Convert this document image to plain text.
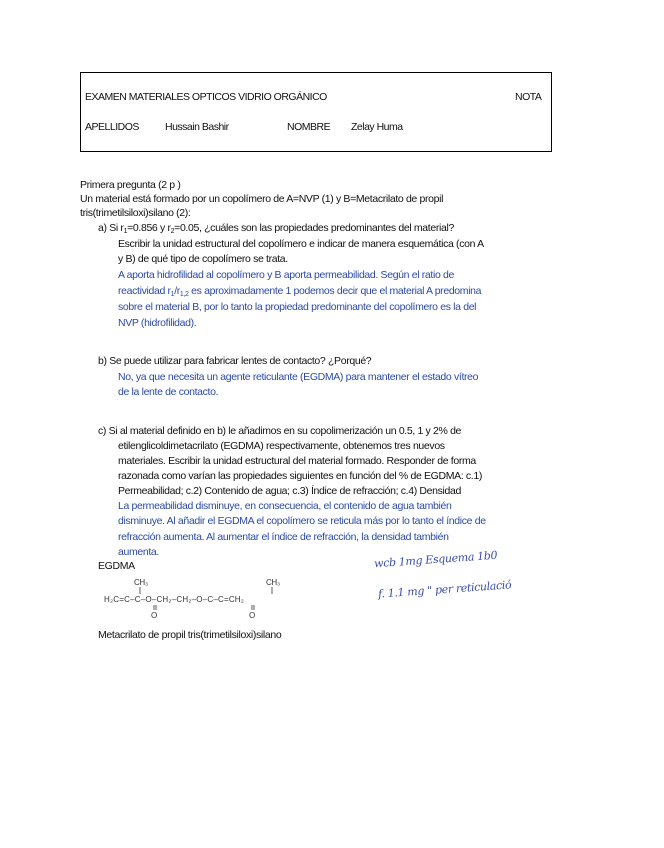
EXAMEN MATERIALES OPTICOS VIDRIO ORGÁNICO	NOTA
APELLIDOS Hussain Bashir	NOMBRE Zelay Huma
Primera pregunta (2 p )
Un material está formado por un copolímero de A=NVP (1) y B=Metacrilato de propil
tris(trimetilsiloxi)silano (2):
a) Si $r_1=0.856$ y $r_2=0.05$, ¿cuáles son las propiedades predominantes del material?
Escribir la unidad estructural del copolímero e indicar de manera esquemática (con A
y B) de qué tipo de copolímero se trata.
A aporta hidrofilidad al copolímero y B aporta permeabilidad. Según el ratio de
reactividad $r_1/r_{1,2}$ es aproximadamente 1 podemos decir que el material A predomina
sobre el material B, por lo tanto la propiedad predominante del copolímero es la del
NVP (hidrofilidad).
b) Se puede utilizar para fabricar lentes de contacto? ¿Porqué?
No, ya que necesita un agente reticulante (EGDMA) para mantener el estado vítreo
de la lente de contacto.
c) Si al material definido en b) le añadimos en su copolimerización un 0.5, 1 y 2% de
etilenglicoldimetacrilato (EGDMA) respectivamente, obtenemos tres nuevos
materiales. Escribir la unidad estructural del material formado. Responder de forma
razonada como varían las propiedades siguientes en función del % de EGDMA: c.1)
Permeabilidad; c.2) Contenido de agua; c.3) Índice de refracción; c.4) Densidad
La permeabilidad disminuye, en consecuencia, el contenido de agua también
disminuye. Al añadir el EGDMA el copolímero se reticula más por lo tanto el índice de
refracción aumenta. Al aumentar el índice de refracción, la densidad también
aumenta.
EGDMA
CH₃	CH₃
H₂C=C–C–O–CH₂–CH₂–O–C–C=CH₂
O	O
Metacrilato de propil tris(trimetilsiloxi)silano
wcb 1mg Esquema 1b0
f. 1.1 mg " per reticulació
